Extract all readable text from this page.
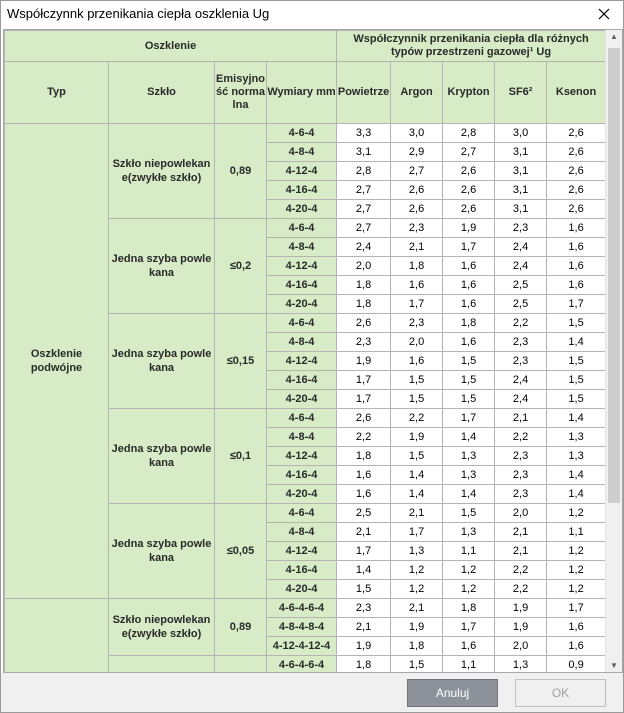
Współczynnk przenikania ciepła oszklenia Ug
Oszklenie				Współczynnik przenikania ciepła dla różnych typów przestrzeni gazowej¹ Ug				
Typ	Szkło	Emisyjność normalna	Wymiary mm	Powietrze	Argon	Krypton	SF6²	Ksenon
Oszklenie podwójne	Szkło niepowlekane(zwykłe szkło)	0,89	4-6-4	3,3	3,0	2,8	3,0	2,6
			4-8-4	3,1	2,9	2,7	3,1	2,6
			4-12-4	2,8	2,7	2,6	3,1	2,6
			4-16-4	2,7	2,6	2,6	3,1	2,6
			4-20-4	2,7	2,6	2,6	3,1	2,6
	Jedna szyba powlekana	≤0,2	4-6-4	2,7	2,3	1,9	2,3	1,6
			4-8-4	2,4	2,1	1,7	2,4	1,6
			4-12-4	2,0	1,8	1,6	2,4	1,6
			4-16-4	1,8	1,6	1,6	2,5	1,6
			4-20-4	1,8	1,7	1,6	2,5	1,7
	Jedna szyba powlekana	≤0,15	4-6-4	2,6	2,3	1,8	2,2	1,5
			4-8-4	2,3	2,0	1,6	2,3	1,4
			4-12-4	1,9	1,6	1,5	2,3	1,5
			4-16-4	1,7	1,5	1,5	2,4	1,5
			4-20-4	1,7	1,5	1,5	2,4	1,5
	Jedna szyba powlekana	≤0,1	4-6-4	2,6	2,2	1,7	2,1	1,4
			4-8-4	2,2	1,9	1,4	2,2	1,3
			4-12-4	1,8	1,5	1,3	2,3	1,3
			4-16-4	1,6	1,4	1,3	2,3	1,4
			4-20-4	1,6	1,4	1,4	2,3	1,4
	Jedna szyba powlekana	≤0,05	4-6-4	2,5	2,1	1,5	2,0	1,2
			4-8-4	2,1	1,7	1,3	2,1	1,1
			4-12-4	1,7	1,3	1,1	2,1	1,2
			4-16-4	1,4	1,2	1,2	2,2	1,2
			4-20-4	1,5	1,2	1,2	2,2	1,2
	Szkło niepowlekane(zwykłe szkło)	0,89	4-6-4-6-4	2,3	2,1	1,8	1,9	1,7
			4-8-4-8-4	2,1	1,9	1,7	1,9	1,6
			4-12-4-12-4	1,9	1,8	1,6	2,0	1,6
			4-6-4-6-4	1,8	1,5	1,1	1,3	0,9
▲
▼
Anuluj	OK
